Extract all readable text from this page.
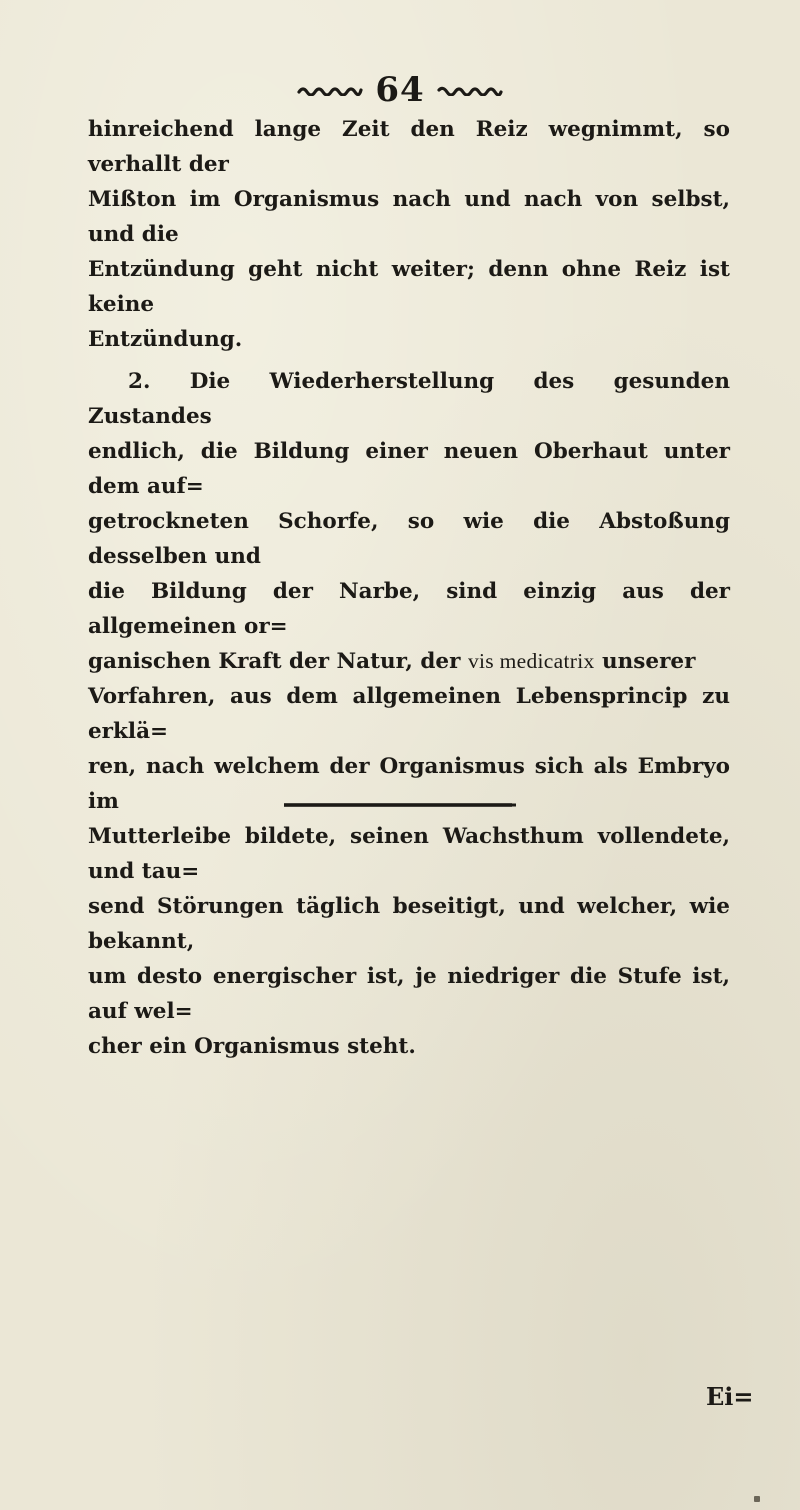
64

hinreichend lange Zeit den Reiz wegnimmt, so verhallt der
Mißton im Organismus nach und nach von selbst, und die
Entzündung geht nicht weiter; denn ohne Reiz ist keine
Entzündung.

2. Die Wiederherstellung des gesunden Zustandes
endlich, die Bildung einer neuen Oberhaut unter dem auf=
getrockneten Schorfe, so wie die Abstoßung desselben und
die Bildung der Narbe, sind einzig aus der allgemeinen or=
ganischen Kraft der Natur, der vis medicatrix unserer
Vorfahren, aus dem allgemeinen Lebensprincip zu erklä=
ren, nach welchem der Organismus sich als Embryo im
Mutterleibe bildete, seinen Wachsthum vollendete, und tau=
send Störungen täglich beseitigt, und welcher, wie bekannt,
um desto energischer ist, je niedriger die Stufe ist, auf wel=
cher ein Organismus steht.

Ei=
